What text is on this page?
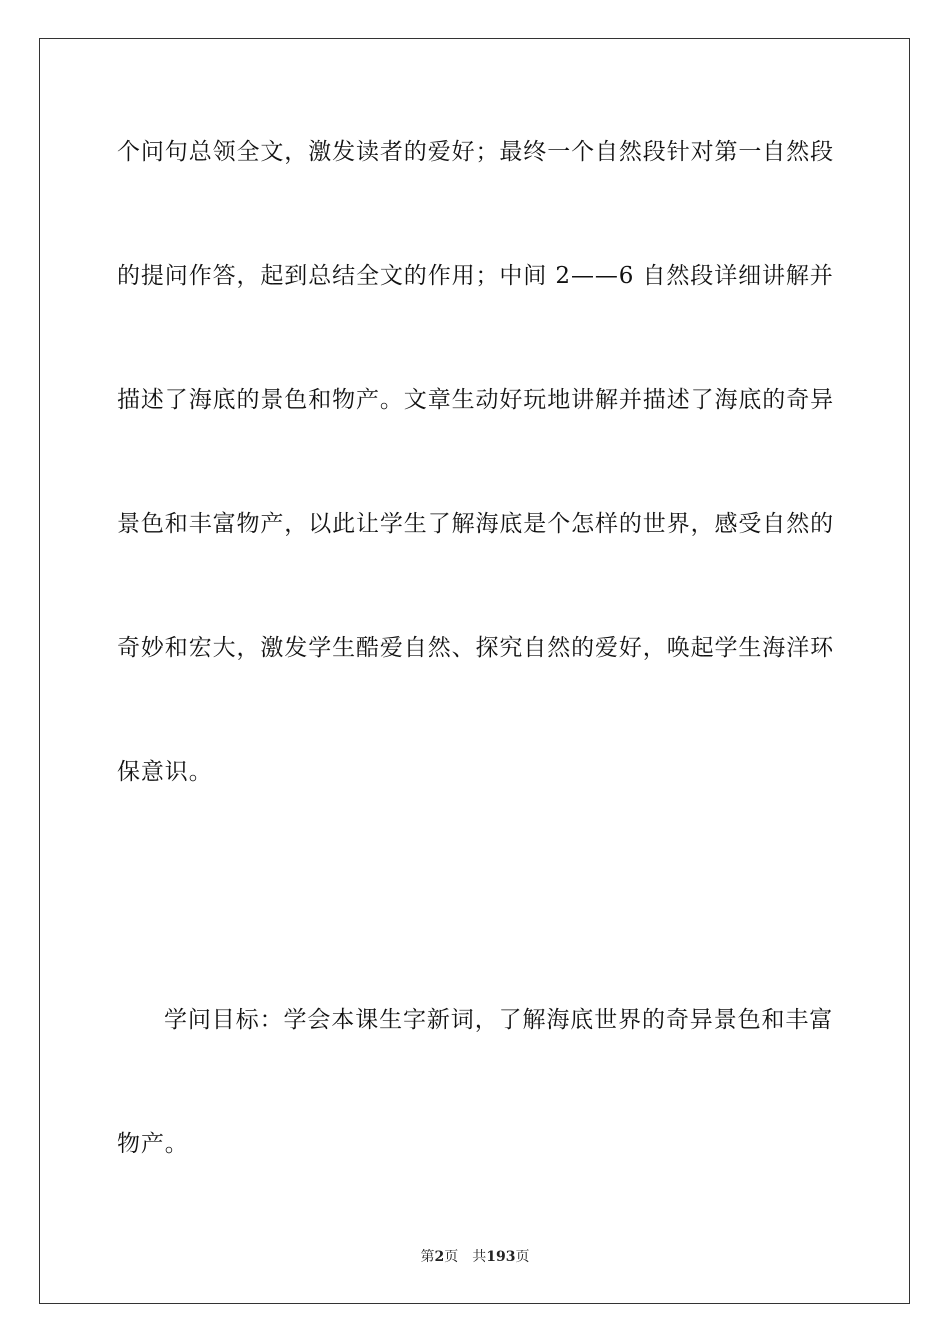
个问句总领全文，激发读者的爱好；最终一个自然段针对第一自然段
的提问作答，起到总结全文的作用；中间 2——6 自然段详细讲解并
描述了海底的景色和物产。文章生动好玩地讲解并描述了海底的奇异
景色和丰富物产，以此让学生了解海底是个怎样的世界，感受自然的
奇妙和宏大，激发学生酷爱自然、探究自然的爱好，唤起学生海洋环
保意识。
学问目标：学会本课生字新词，了解海底世界的奇异景色和丰富
物产。
第2页 共193页
